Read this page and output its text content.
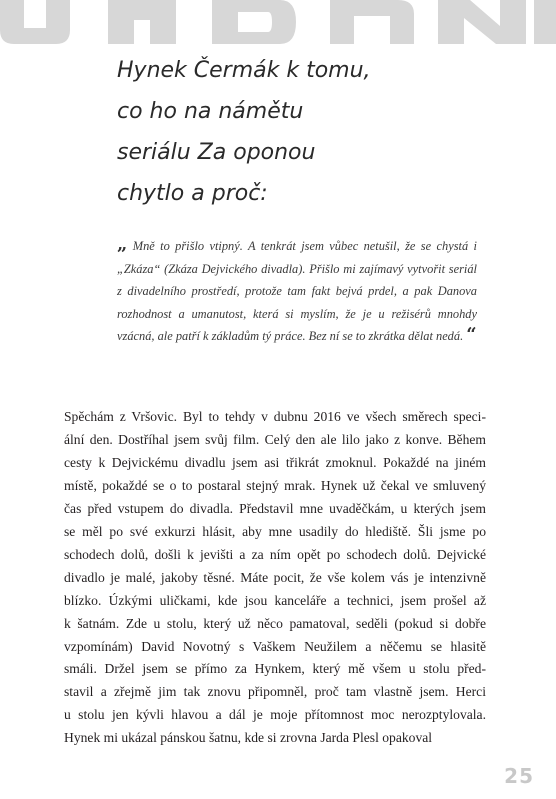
Hynek Čermák k tomu,
co ho na námětu
seriálu Za oponou
chytlo a proč:

„ Mně to přišlo vtipný. A tenkrát jsem vůbec netušil, že se chystá i „Zkáza“ (Zkáza Dejvického divadla). Přišlo mi zajímavý vytvořit seriál z divadelního prostředí, protože tam fakt bejvá prdel, a pak Danova rozhodnost a umanutost, která si myslím, že je u režisérů mnohdy vzácná, ale patří k základům tý práce. Bez ní se to zkrátka dělat nedá. “

Spěchám z Vršovic. Byl to tehdy v dubnu 2016 ve všech směrech speci-
ální den. Dostříhal jsem svůj film. Celý den ale lilo jako z konve. Během
cesty k Dejvickému divadlu jsem asi třikrát zmoknul. Pokaždé na jiném
místě, pokaždé se o to postaral stejný mrak. Hynek už čekal ve smluvený
čas před vstupem do divadla. Představil mne uvaděčkám, u kterých jsem
se měl po své exkurzi hlásit, aby mne usadily do hlediště. Šli jsme po
schodech dolů, došli k jevišti a za ním opět po schodech dolů. Dejvické
divadlo je malé, jakoby těsné. Máte pocit, že vše kolem vás je intenzivně
blízko. Úzkými uličkami, kde jsou kanceláře a technici, jsem prošel až
k šatnám. Zde u stolu, který už něco pamatoval, seděli (pokud si dobře
vzpomínám) David Novotný s Vaškem Neužilem a něčemu se hlasitě
smáli. Držel jsem se přímo za Hynkem, který mě všem u stolu před-
stavil a zřejmě jim tak znovu připomněl, proč tam vlastně jsem. Herci
u stolu jen kývli hlavou a dál je moje přítomnost moc nerozptylovala.
Hynek mi ukázal pánskou šatnu, kde si zrovna Jarda Plesl opakoval
25
